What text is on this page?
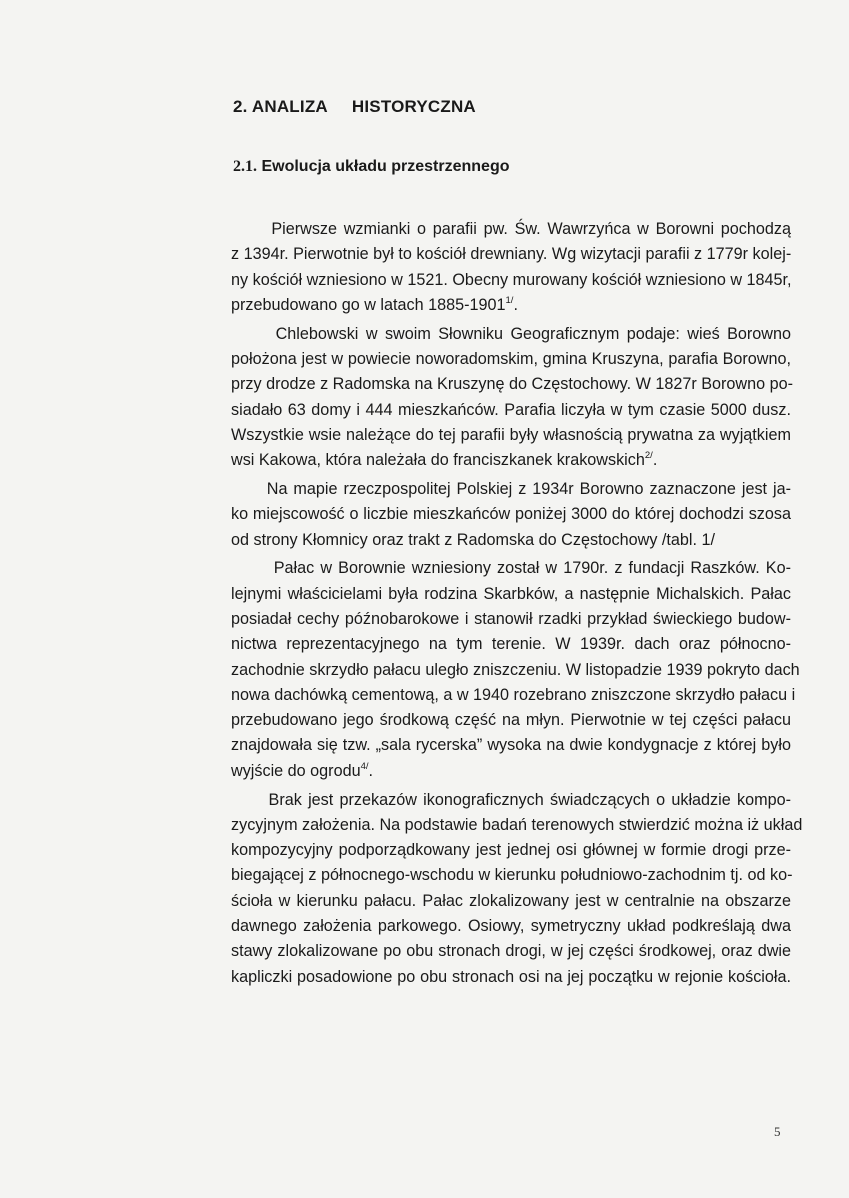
2. ANALIZA HISTORYCZNA
2.1. Ewolucja układu przestrzennego
Pierwsze wzmianki o parafii pw. Św. Wawrzyńca w Borowni pochodzą
z 1394r. Pierwotnie był to kościół drewniany. Wg wizytacji parafii z 1779r kolej-
ny kościół wzniesiono w 1521. Obecny murowany kościół wzniesiono w 1845r,
przebudowano go w latach $1885-1901^{1/}$.
Chlebowski w swoim Słowniku Geograficznym podaje: wieś Borowno
położona jest w powiecie noworadomskim, gmina Kruszyna, parafia Borowno,
przy drodze z Radomska na Kruszynę do Częstochowy. W 1827r Borowno po-
siadało 63 domy i 444 mieszkańców. Parafia liczyła w tym czasie 5000 dusz.
Wszystkie wsie należące do tej parafii były własnością prywatna za wyjątkiem
wsi Kakowa, która należała do franciszkanek krakowskich$^{2/}$.
Na mapie rzeczpospolitej Polskiej z 1934r Borowno zaznaczone jest ja-
ko miejscowość o liczbie mieszkańców poniżej 3000 do której dochodzi szosa
od strony Kłomnicy oraz trakt z Radomska do Częstochowy /tabl. 1/
Pałac w Borownie wzniesiony został w 1790r. z fundacji Raszków. Ko-
lejnymi właścicielami była rodzina Skarbków, a następnie Michalskich. Pałac
posiadał cechy późnobarokowe i stanowił rzadki przykład świeckiego budow-
nictwa reprezentacyjnego na tym terenie. W 1939r. dach oraz północno-
zachodnie skrzydło pałacu uległo zniszczeniu. W listopadzie 1939 pokryto dach
nowa dachówką cementową, a w 1940 rozebrano zniszczone skrzydło pałacu i
przebudowano jego środkową część na młyn. Pierwotnie w tej części pałacu
znajdowała się tzw. „sala rycerska” wysoka na dwie kondygnacje z której było
wyjście do ogrodu$^{4/}$.
Brak jest przekazów ikonograficznych świadczących o układzie kompo-
zycyjnym założenia. Na podstawie badań terenowych stwierdzić można iż układ
kompozycyjny podporządkowany jest jednej osi głównej w formie drogi prze-
biegającej z północnego-wschodu w kierunku południowo-zachodnim tj. od ko-
ścioła w kierunku pałacu. Pałac zlokalizowany jest w centralnie na obszarze
dawnego założenia parkowego. Osiowy, symetryczny układ podkreślają dwa
stawy zlokalizowane po obu stronach drogi, w jej części środkowej, oraz dwie
kapliczki posadowione po obu stronach osi na jej początku w rejonie kościoła.
5
